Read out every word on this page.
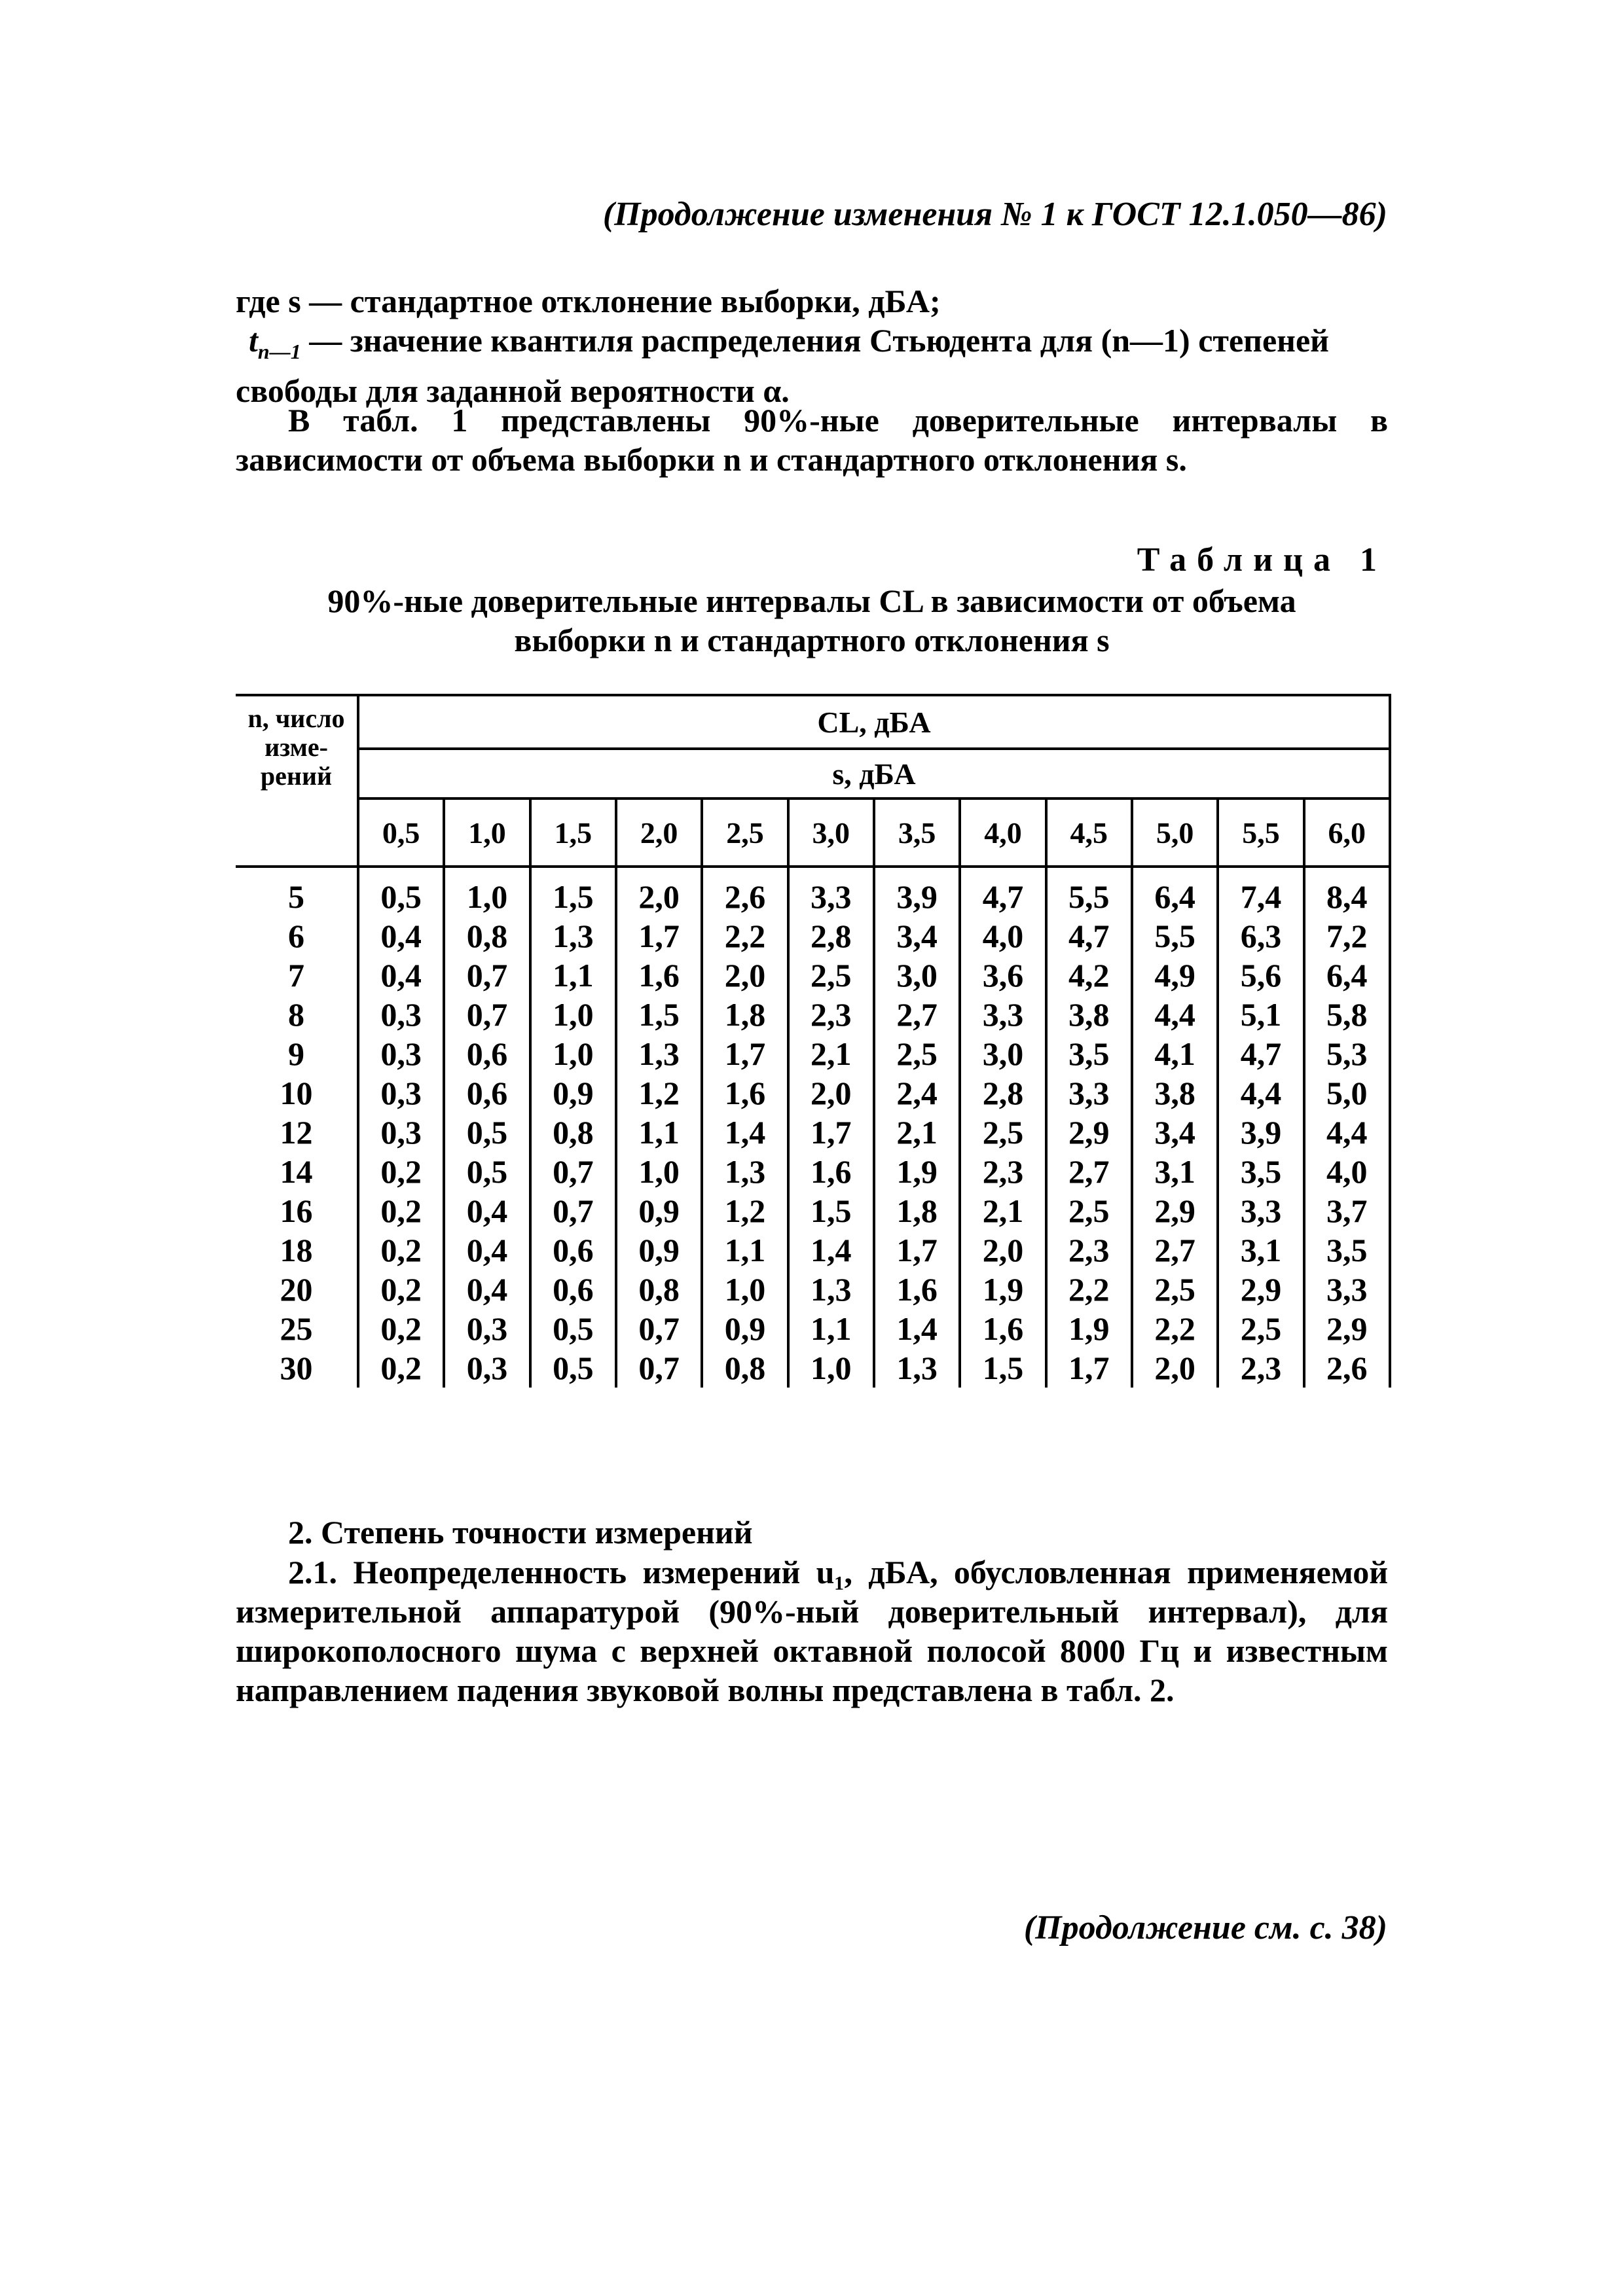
(Продолжение изменения № 1 к ГОСТ 12.1.050—86)
где s — стандартное отклонение выборки, дБА;
$t_{n—1}$ — значение квантиля распределения Стьюдента для (n—1) степеней
свободы для заданной вероятности α.
В табл. 1 представлены 90%-ные доверительные интервалы в зависимости от объема выборки n и стандартного отклонения s.
Таблица 1
90%-ные доверительные интервалы CL в зависимости от объема
выборки n и стандартного отклонения s
n, число изме- рений	CL, дБА											
	s, дБА											
	0,5	1,0	1,5	2,0	2,5	3,0	3,5	4,0	4,5	5,0	5,5	6,0
5	0,5	1,0	1,5	2,0	2,6	3,3	3,9	4,7	5,5	6,4	7,4	8,4
6	0,4	0,8	1,3	1,7	2,2	2,8	3,4	4,0	4,7	5,5	6,3	7,2
7	0,4	0,7	1,1	1,6	2,0	2,5	3,0	3,6	4,2	4,9	5,6	6,4
8	0,3	0,7	1,0	1,5	1,8	2,3	2,7	3,3	3,8	4,4	5,1	5,8
9	0,3	0,6	1,0	1,3	1,7	2,1	2,5	3,0	3,5	4,1	4,7	5,3
10	0,3	0,6	0,9	1,2	1,6	2,0	2,4	2,8	3,3	3,8	4,4	5,0
12	0,3	0,5	0,8	1,1	1,4	1,7	2,1	2,5	2,9	3,4	3,9	4,4
14	0,2	0,5	0,7	1,0	1,3	1,6	1,9	2,3	2,7	3,1	3,5	4,0
16	0,2	0,4	0,7	0,9	1,2	1,5	1,8	2,1	2,5	2,9	3,3	3,7
18	0,2	0,4	0,6	0,9	1,1	1,4	1,7	2,0	2,3	2,7	3,1	3,5
20	0,2	0,4	0,6	0,8	1,0	1,3	1,6	1,9	2,2	2,5	2,9	3,3
25	0,2	0,3	0,5	0,7	0,9	1,1	1,4	1,6	1,9	2,2	2,5	2,9
30	0,2	0,3	0,5	0,7	0,8	1,0	1,3	1,5	1,7	2,0	2,3	2,6
2. Степень точности измерений
2.1. Неопределенность измерений u₁, дБА, обусловленная применяемой измерительной аппаратурой (90%-ный доверительный интервал), для широкополосного шума с верхней октавной полосой 8000 Гц и известным направлением падения звуковой волны представлена в табл. 2.
(Продолжение см. с. 38)
